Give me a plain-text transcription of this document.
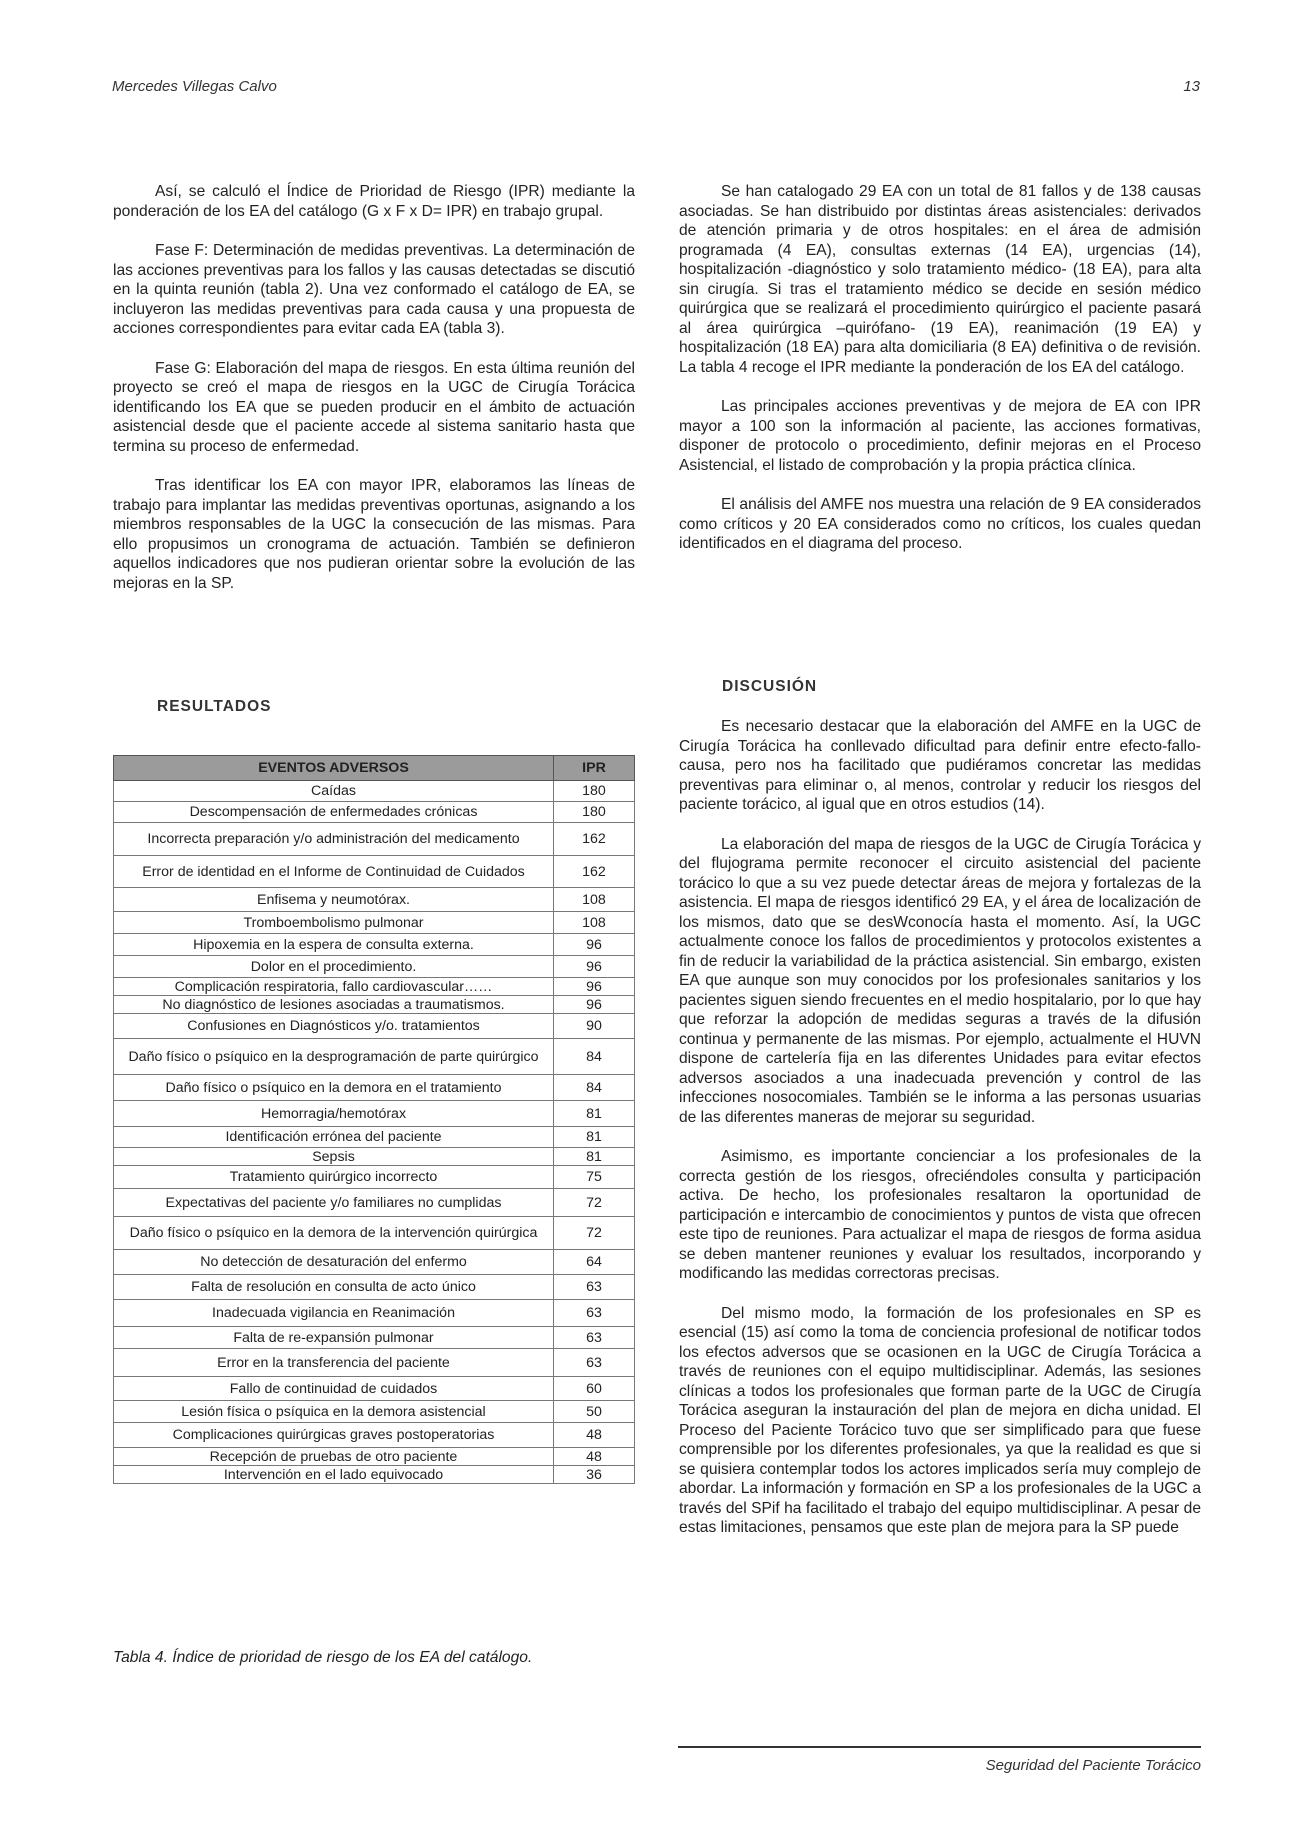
Mercedes Villegas Calvo	13

Así, se calculó el Índice de Prioridad de Riesgo (IPR) mediante la ponderación de los EA del catálogo (G x F x D= IPR) en trabajo grupal.

Fase F: Determinación de medidas preventivas. La determinación de las acciones preventivas para los fallos y las causas detectadas se discutió en la quinta reunión (tabla 2). Una vez conformado el catálogo de EA, se incluyeron las medidas preventivas para cada causa y una propuesta de acciones correspondientes para evitar cada EA (tabla 3).

Fase G: Elaboración del mapa de riesgos. En esta última reunión del proyecto se creó el mapa de riesgos en la UGC de Cirugía Torácica identificando los EA que se pueden producir en el ámbito de actuación asistencial desde que el paciente accede al sistema sanitario hasta que termina su proceso de enfermedad.

Tras identificar los EA con mayor IPR, elaboramos las líneas de trabajo para implantar las medidas preventivas oportunas, asignando a los miembros responsables de la UGC la consecución de las mismas. Para ello propusimos un cronograma de actuación. También se definieron aquellos indicadores que nos pudieran orientar sobre la evolución de las mejoras en la SP.

Se han catalogado 29 EA con un total de 81 fallos y de 138 causas asociadas. Se han distribuido por distintas áreas asistenciales: derivados de atención primaria y de otros hospitales: en el área de admisión programada (4 EA), consultas externas (14 EA), urgencias (14), hospitalización -diagnóstico y solo tratamiento médico- (18 EA), para alta sin cirugía. Si tras el tratamiento médico se decide en sesión médico quirúrgica que se realizará el procedimiento quirúrgico el paciente pasará al área quirúrgica –quirófano- (19 EA), reanimación (19 EA) y hospitalización (18 EA) para alta domiciliaria (8 EA) definitiva o de revisión. La tabla 4 recoge el IPR mediante la ponderación de los EA del catálogo.

Las principales acciones preventivas y de mejora de EA con IPR mayor a 100 son la información al paciente, las acciones formativas, disponer de protocolo o procedimiento, definir mejoras en el Proceso Asistencial, el listado de comprobación y la propia práctica clínica.

El análisis del AMFE nos muestra una relación de 9 EA considerados como críticos y 20 EA considerados como no críticos, los cuales quedan identificados en el diagrama del proceso.

RESULTADOS
EVENTOS ADVERSOS	IPR
Caídas	180
Descompensación de enfermedades crónicas	180
Incorrecta preparación y/o administración del medicamento	162
Error de identidad en el Informe de Continuidad de Cuidados	162
Enfisema y neumotórax.	108
Tromboembolismo pulmonar	108
Hipoxemia en la espera de consulta externa.	96
Dolor en el procedimiento.	96
Complicación respiratoria, fallo cardiovascular……	96
No diagnóstico de lesiones asociadas a traumatismos.	96
Confusiones en Diagnósticos y/o. tratamientos	90
Daño físico o psíquico en la desprogramación de parte quirúrgico	84
Daño físico o psíquico en la demora en el tratamiento	84
Hemorragia/hemotórax	81
Identificación errónea del paciente	81
Sepsis	81
Tratamiento quirúrgico incorrecto	75
Expectativas del paciente y/o familiares no cumplidas	72
Daño físico o psíquico en la demora de la intervención quirúrgica	72
No detección de desaturación del enfermo	64
Falta de resolución en consulta de acto único	63
Inadecuada vigilancia en Reanimación	63
Falta de re-expansión pulmonar	63
Error en la transferencia del paciente	63
Fallo de continuidad de cuidados	60
Lesión física o psíquica en la demora asistencial	50
Complicaciones quirúrgicas graves postoperatorias	48
Recepción de pruebas de otro paciente	48
Intervención en el lado equivocado	36
Tabla 4. Índice de prioridad de riesgo de los EA del catálogo.
DISCUSIÓN

Es necesario destacar que la elaboración del AMFE en la UGC de Cirugía Torácica ha conllevado dificultad para definir entre efecto-fallo-causa, pero nos ha facilitado que pudiéramos concretar las medidas preventivas para eliminar o, al menos, controlar y reducir los riesgos del paciente torácico, al igual que en otros estudios (14).

La elaboración del mapa de riesgos de la UGC de Cirugía Torácica y del flujograma permite reconocer el circuito asistencial del paciente torácico lo que a su vez puede detectar áreas de mejora y fortalezas de la asistencia. El mapa de riesgos identificó 29 EA, y el área de localización de los mismos, dato que se desWconocía hasta el momento. Así, la UGC actualmente conoce los fallos de procedimientos y protocolos existentes a fin de reducir la variabilidad de la práctica asistencial. Sin embargo, existen EA que aunque son muy conocidos por los profesionales sanitarios y los pacientes siguen siendo frecuentes en el medio hospitalario, por lo que hay que reforzar la adopción de medidas seguras a través de la difusión continua y permanente de las mismas. Por ejemplo, actualmente el HUVN dispone de cartelería fija en las diferentes Unidades para evitar efectos adversos asociados a una inadecuada prevención y control de las infecciones nosocomiales. También se le informa a las personas usuarias de las diferentes maneras de mejorar su seguridad.

Asimismo, es importante concienciar a los profesionales de la correcta gestión de los riesgos, ofreciéndoles consulta y participación activa. De hecho, los profesionales resaltaron la oportunidad de participación e intercambio de conocimientos y puntos de vista que ofrecen este tipo de reuniones. Para actualizar el mapa de riesgos de forma asidua se deben mantener reuniones y evaluar los resultados, incorporando y modificando las medidas correctoras precisas.

Del mismo modo, la formación de los profesionales en SP es esencial (15) así como la toma de conciencia profesional de notificar todos los efectos adversos que se ocasionen en la UGC de Cirugía Torácica a través de reuniones con el equipo multidisciplinar. Además, las sesiones clínicas a todos los profesionales que forman parte de la UGC de Cirugía Torácica aseguran la instauración del plan de mejora en dicha unidad. El Proceso del Paciente Torácico tuvo que ser simplificado para que fuese comprensible por los diferentes profesionales, ya que la realidad es que si se quisiera contemplar todos los actores implicados sería muy complejo de abordar. La información y formación en SP a los profesionales de la UGC a través del SPif ha facilitado el trabajo del equipo multidisciplinar. A pesar de estas limitaciones, pensamos que este plan de mejora para la SP puede

Seguridad del Paciente Torácico
